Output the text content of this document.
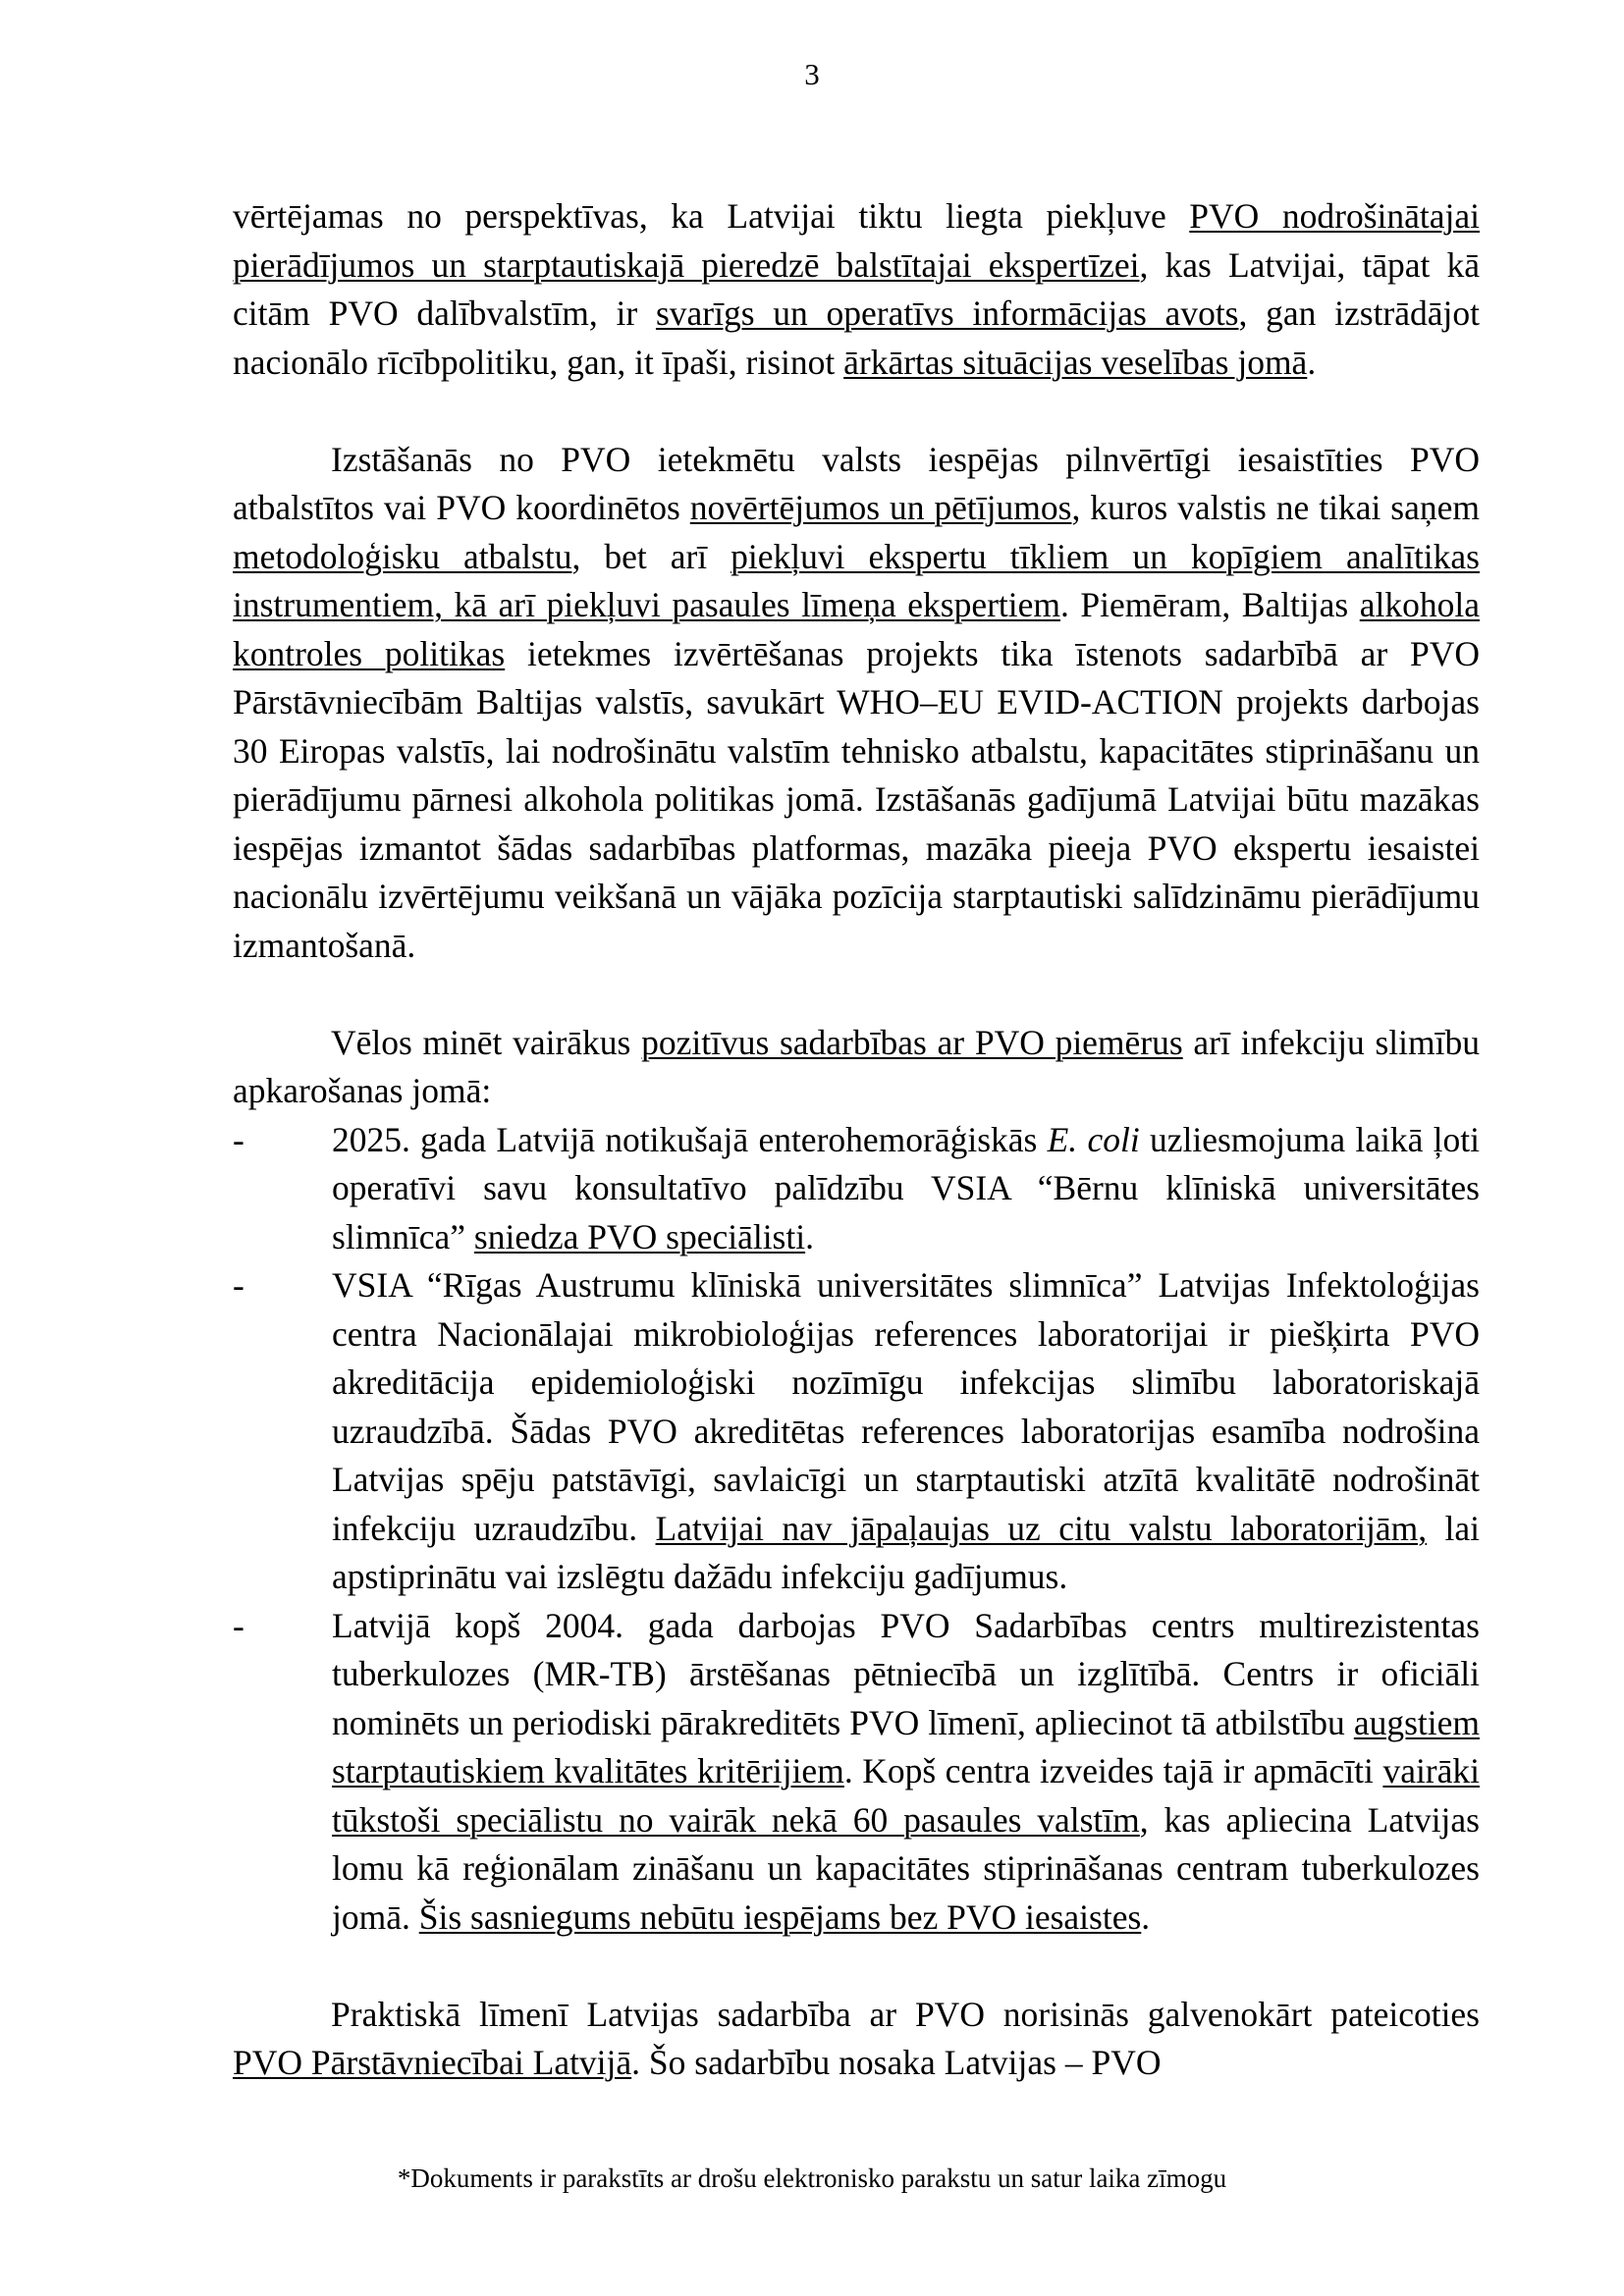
3

vērtējamas no perspektīvas, ka Latvijai tiktu liegta piekļuve PVO nodrošinātajai pierādījumos un starptautiskajā pieredzē balstītajai ekspertīzei, kas Latvijai, tāpat kā citām PVO dalībvalstīm, ir svarīgs un operatīvs informācijas avots, gan izstrādājot nacionālo rīcībpolitiku, gan, it īpaši, risinot ārkārtas situācijas veselības jomā.

Izstāšanās no PVO ietekmētu valsts iespējas pilnvērtīgi iesaistīties PVO atbalstītos vai PVO koordinētos novērtējumos un pētījumos, kuros valstis ne tikai saņem metodoloģisku atbalstu, bet arī piekļuvi ekspertu tīkliem un kopīgiem analītikas instrumentiem, kā arī piekļuvi pasaules līmeņa ekspertiem. Piemēram, Baltijas alkohola kontroles politikas ietekmes izvērtēšanas projekts tika īstenots sadarbībā ar PVO Pārstāvniecībām Baltijas valstīs, savukārt WHO–EU EVID-ACTION projekts darbojas 30 Eiropas valstīs, lai nodrošinātu valstīm tehnisko atbalstu, kapacitātes stiprināšanu un pierādījumu pārnesi alkohola politikas jomā. Izstāšanās gadījumā Latvijai būtu mazākas iespējas izmantot šādas sadarbības platformas, mazāka pieeja PVO ekspertu iesaistei nacionālu izvērtējumu veikšanā un vājāka pozīcija starptautiski salīdzināmu pierādījumu izmantošanā.

Vēlos minēt vairākus pozitīvus sadarbības ar PVO piemērus arī infekciju slimību apkarošanas jomā:

-	2025. gada Latvijā notikušajā enterohemorāģiskās E. coli uzliesmojuma laikā ļoti operatīvi savu konsultatīvo palīdzību VSIA “Bērnu klīniskā universitātes slimnīca” sniedza PVO speciālisti.
-	VSIA “Rīgas Austrumu klīniskā universitātes slimnīca” Latvijas Infektoloģijas centra Nacionālajai mikrobioloģijas references laboratorijai ir piešķirta PVO akreditācija epidemioloģiski nozīmīgu infekcijas slimību laboratoriskajā uzraudzībā. Šādas PVO akreditētas references laboratorijas esamība nodrošina Latvijas spēju patstāvīgi, savlaicīgi un starptautiski atzītā kvalitātē nodrošināt infekciju uzraudzību. Latvijai nav jāpaļaujas uz citu valstu laboratorijām, lai apstiprinātu vai izslēgtu dažādu infekciju gadījumus.
-	Latvijā kopš 2004. gada darbojas PVO Sadarbības centrs multirezistentas tuberkulozes (MR-TB) ārstēšanas pētniecībā un izglītībā. Centrs ir oficiāli nominēts un periodiski pārakreditēts PVO līmenī, apliecinot tā atbilstību augstiem starptautiskiem kvalitātes kritērijiem. Kopš centra izveides tajā ir apmācīti vairāki tūkstoši speciālistu no vairāk nekā 60 pasaules valstīm, kas apliecina Latvijas lomu kā reģionālam zināšanu un kapacitātes stiprināšanas centram tuberkulozes jomā. Šis sasniegums nebūtu iespējams bez PVO iesaistes.

Praktiskā līmenī Latvijas sadarbība ar PVO norisinās galvenokārt pateicoties PVO Pārstāvniecībai Latvijā. Šo sadarbību nosaka Latvijas – PVO

*Dokuments ir parakstīts ar drošu elektronisko parakstu un satur laika zīmogu
